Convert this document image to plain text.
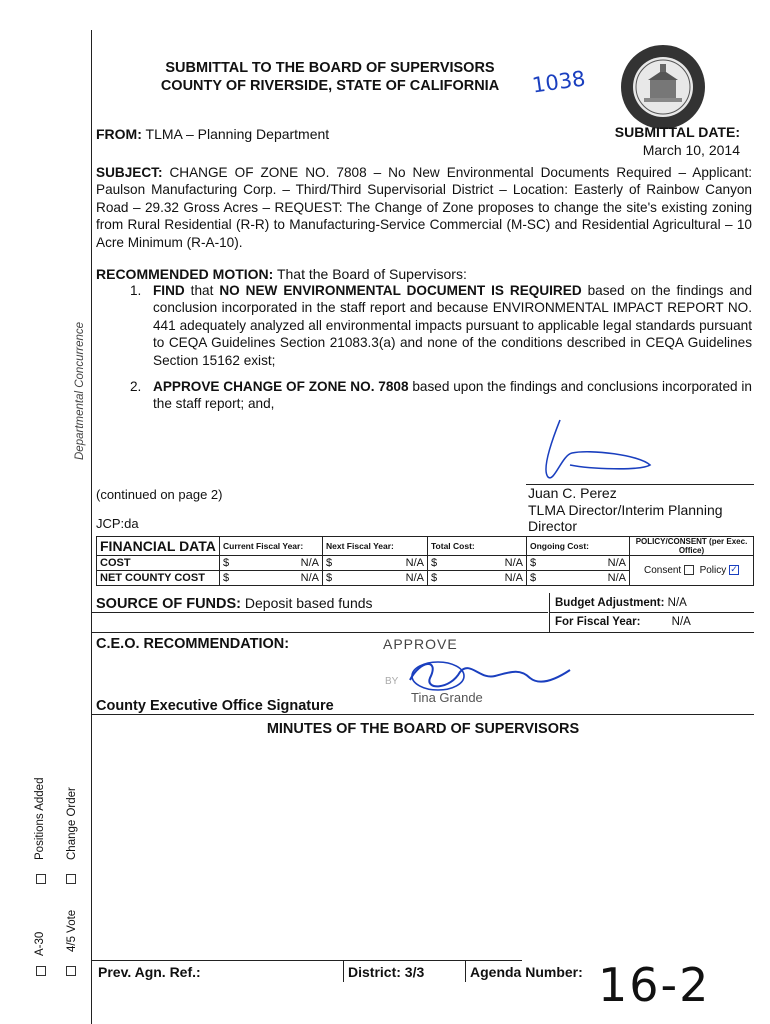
SUBMITTAL TO THE BOARD OF SUPERVISORS
COUNTY OF RIVERSIDE, STATE OF CALIFORNIA	1038
FROM: TLMA – Planning Department	SUBMITTAL DATE:
March 10, 2014
SUBJECT: CHANGE OF ZONE NO. 7808 – No New Environmental Documents Required – Applicant: Paulson Manufacturing Corp. – Third/Third Supervisorial District – Location: Easterly of Rainbow Canyon Road – 29.32 Gross Acres – REQUEST: The Change of Zone proposes to change the site's existing zoning from Rural Residential (R-R) to Manufacturing-Service Commercial (M-SC) and Residential Agricultural – 10 Acre Minimum (R-A-10).
RECOMMENDED MOTION: That the Board of Supervisors:
1. FIND that NO NEW ENVIRONMENTAL DOCUMENT IS REQUIRED based on the findings and conclusion incorporated in the staff report and because ENVIRONMENTAL IMPACT REPORT NO. 441 adequately analyzed all environmental impacts pursuant to applicable legal standards pursuant to CEQA Guidelines Section 21083.3(a) and none of the conditions described in CEQA Guidelines Section 15162 exist;
2. APPROVE CHANGE OF ZONE NO. 7808 based upon the findings and conclusions incorporated in the staff report; and,
Departmental Concurrence
(continued on page 2)
JCP:da
Juan C. Perez
TLMA Director/Interim Planning
Director
FINANCIAL DATA	Current Fiscal Year:	Next Fiscal Year:	Total Cost:	Ongoing Cost:	POLICY/CONSENT (per Exec. Office)
COST	$ N/A	$ N/A	$ N/A	$ N/A	Consent Policy ✓
NET COUNTY COST	$ N/A	$ N/A	$ N/A	$ N/A	
SOURCE OF FUNDS: Deposit based funds	Budget Adjustment: N/A
For Fiscal Year:	N/A
C.E.O. RECOMMENDATION:	APPROVE
BY
Tina Grande
County Executive Office Signature
MINUTES OF THE BOARD OF SUPERVISORS
A-30
Positions Added
4/5 Vote
Change Order
Prev. Agn. Ref.:	District: 3/3	Agenda Number: 16-2
